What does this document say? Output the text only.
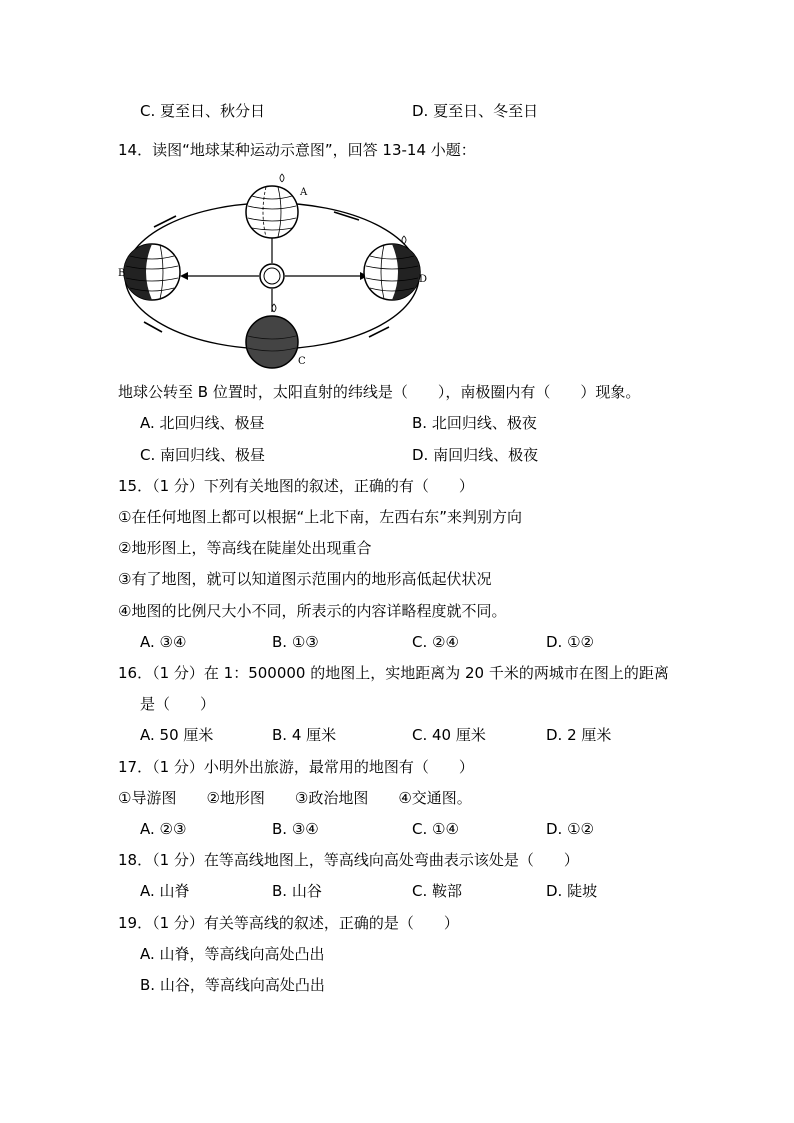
C. 夏至日、秋分日	D. 夏至日、冬至日
14．读图“地球某种运动示意图”，回答 13-14 小题：
A
B
C
D
地球公转至 B 位置时，太阳直射的纬线是（　　），南极圈内有（　　）现象。
A. 北回归线、极昼	B. 北回归线、极夜
C. 南回归线、极昼	D. 南回归线、极夜
15．（1 分）下列有关地图的叙述，正确的有（　　）
①在任何地图上都可以根据“上北下南，左西右东”来判别方向
②地形图上，等高线在陡崖处出现重合
③有了地图，就可以知道图示范围内的地形高低起伏状况
④地图的比例尺大小不同，所表示的内容详略程度就不同。
A. ③④	B. ①③	C. ②④	D. ①②
16．（1 分）在 1：500000 的地图上，实地距离为 20 千米的两城市在图上的距离
是（　　）
A. 50 厘米	B. 4 厘米	C. 40 厘米	D. 2 厘米
17．（1 分）小明外出旅游，最常用的地图有（　　）
①导游图　　②地形图　　③政治地图　　④交通图。
A. ②③	B. ③④	C. ①④	D. ①②
18．（1 分）在等高线地图上，等高线向高处弯曲表示该处是（　　）
A. 山脊	B. 山谷	C. 鞍部	D. 陡坡
19．（1 分）有关等高线的叙述，正确的是（　　）
A. 山脊，等高线向高处凸出
B. 山谷，等高线向高处凸出
